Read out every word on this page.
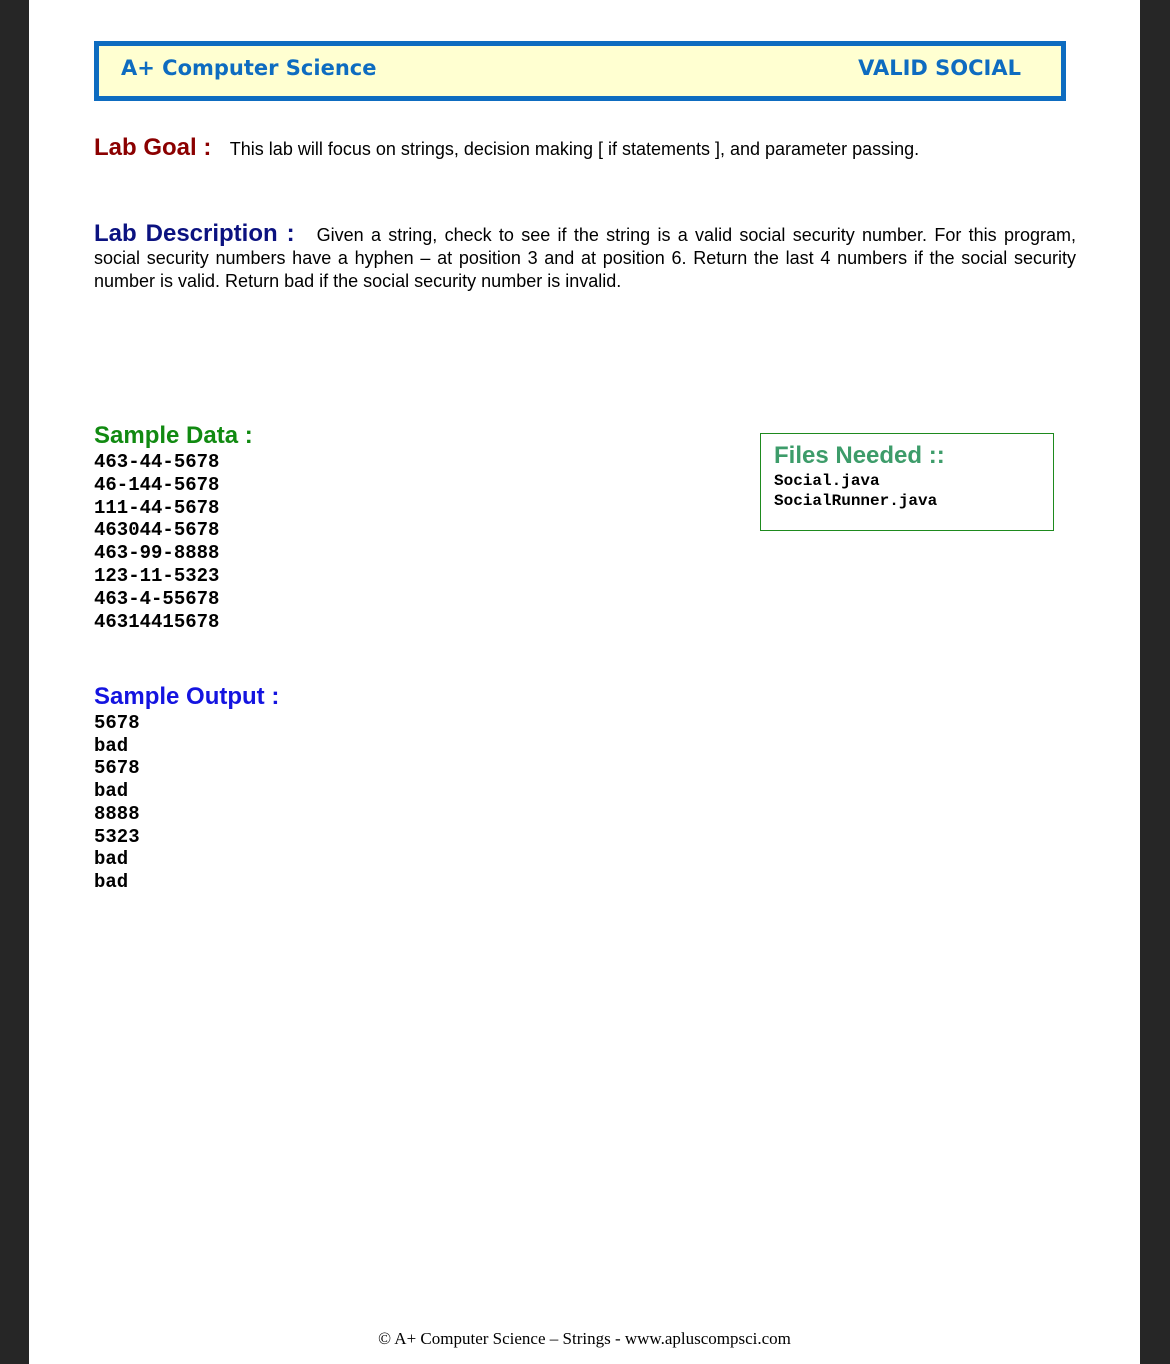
A+ Computer Science	VALID SOCIAL
Lab Goal : This lab will focus on strings, decision making [ if statements ], and parameter passing.
Lab Description : Given a string, check to see if the string is a valid social security number. For this program, social security numbers have a hyphen – at position 3 and at position 6. Return the last 4 numbers if the social security number is valid. Return bad if the social security number is invalid.
Sample Data :
463-44-5678
46-144-5678
111-44-5678
463044-5678
463-99-8888
123-11-5323
463-4-55678
46314415678
Files Needed ::
Social.java
SocialRunner.java
Sample Output :
5678
bad
5678
bad
8888
5323
bad
bad
© A+ Computer Science – Strings - www.apluscompsci.com
